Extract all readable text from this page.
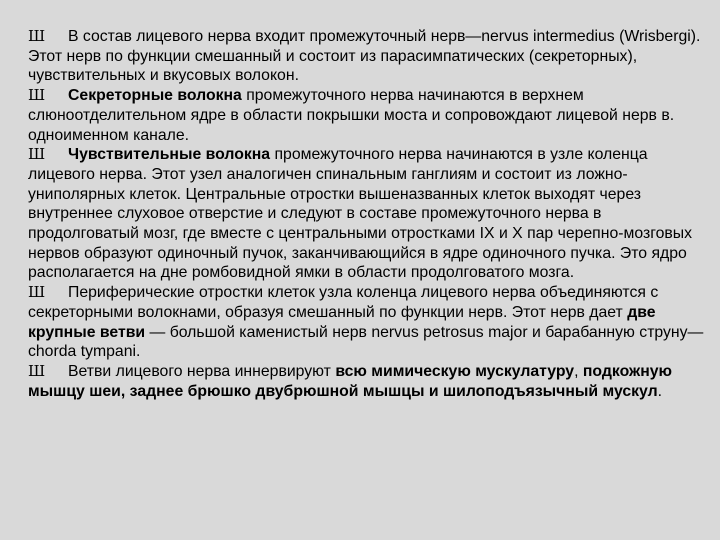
Ш В состав лицевого нерва входит промежуточный нерв—nervus intermedius (Wrisbergi). Этот нерв по функции смешанный и состоит из парасимпатических (секреторных), чувствительных и вкусовых волокон.

Ш Секреторные волокна промежуточного нерва начинаются в верхнем слюноотделительном ядре в области покрышки моста и сопровождают лицевой нерв в. одноименном канале.

Ш Чувствительные волокна промежуточного нерва начинаются в узле коленца лицевого нерва. Этот узел аналогичен спинальным ганглиям и состоит из ложно-униполярных клеток. Центральные отростки вышеназванных клеток выходят через внутреннее слуховое отверстие и следуют в составе промежуточного нерва в продолговатый мозг, где вместе с центральными отростками IX и X пар черепно-мозговых нервов образуют одиночный пучок, заканчивающийся в ядре одиночного пучка. Это ядро располагается на дне ромбовидной ямки в области продолговатого мозга.

Ш Периферические отростки клеток узла коленца лицевого нерва объединяются с секреторными волокнами, образуя смешанный по функции нерв. Этот нерв дает две крупные ветви — большой каменистый нерв nervus petrosus major и барабанную струну— chorda tympani.

Ш Ветви лицевого нерва иннервируют всю мимическую мускулатуру, подкожную мышцу шеи, заднее брюшко двубрюшной мышцы и шилоподъязычный мускул.
